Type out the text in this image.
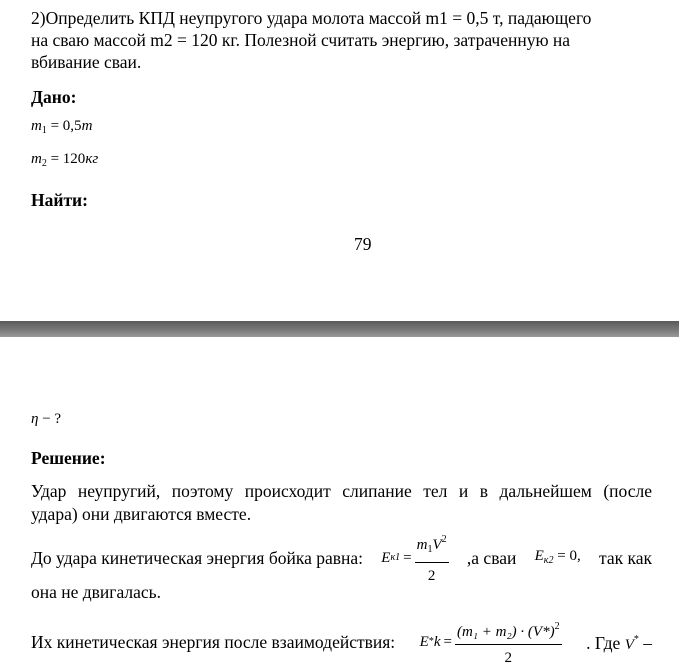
2)Определить КПД неупругого удара молота массой m1 = 0,5 т, падающего
на сваю массой m2 = 120 кг. Полезной считать энергию, затраченную на
вбивание сваи.
Дано:
$m_1 = 0,5т$
$m_2 = 120кг$
Найти:
79
η − ?
Решение:
Удар неупругий, поэтому происходит слипание тел и в дальнейшем (после
удара) они двигаются вместе.
До удара кинетическая энергия бойка равна: E $к1 = \frac{m_1V^2}{2} ,а$ сваи $E_{к2} = 0$, так как
она не двигалась.
Их кинетическая энергия после взаимодействия: $E * k = \frac{(m_1 + m_2) \cdot (V*)^2}{2}$ . Где V* –
